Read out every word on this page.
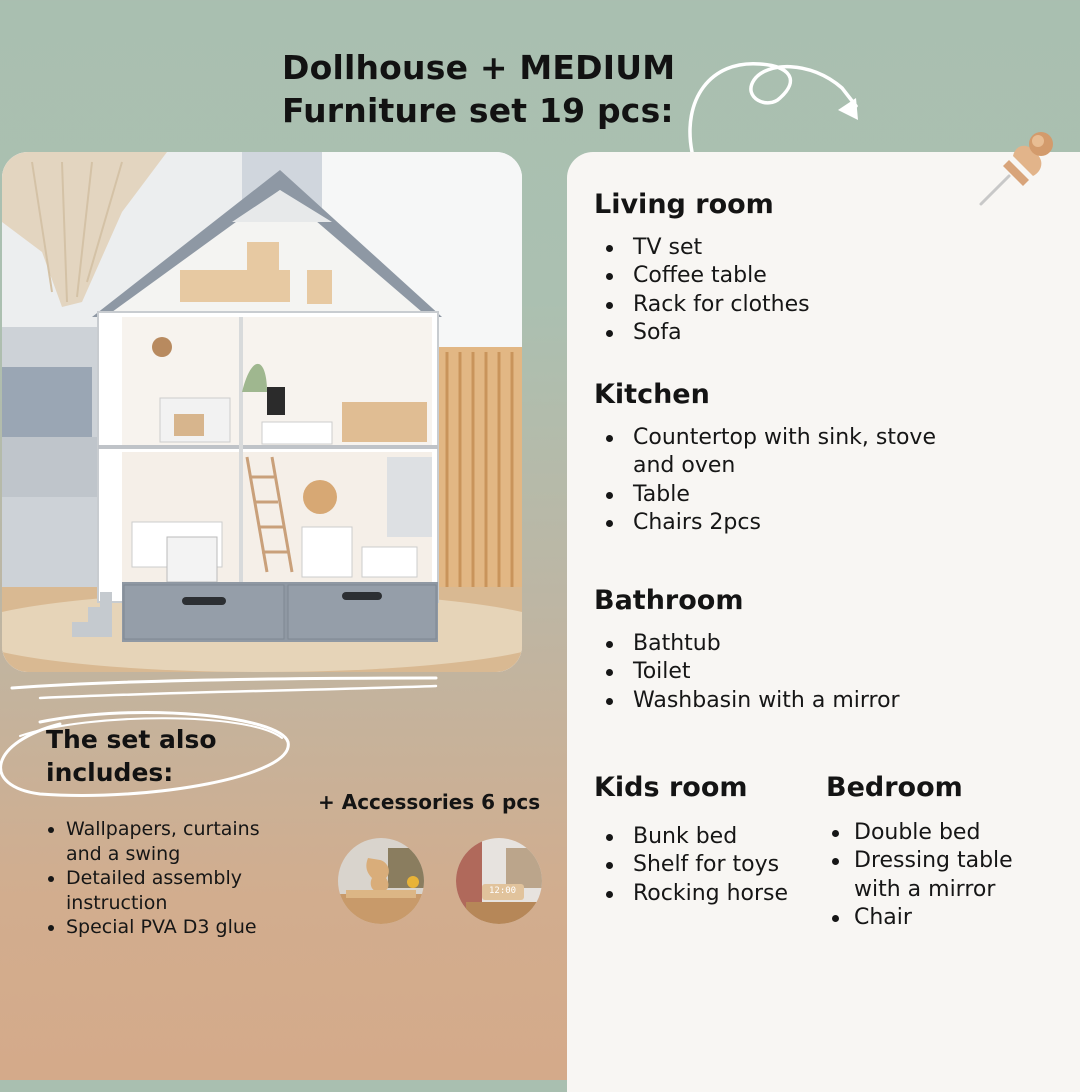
Dollhouse + MEDIUM
Furniture set 19 pcs:
The set also
includes:
Wallpapers, curtains
and a swing
Detailed assembly
instruction
Special PVA D3 glue
+ Accessories 6 pcs
12:00
Living room
TV set
Coffee table
Rack for clothes
Sofa
Kitchen
Countertop with sink, stove
and oven
Table
Chairs 2pcs
Bathroom
Bathtub
Toilet
Washbasin with a mirror
Kids room
Bunk bed
Shelf for toys
Rocking horse
Bedroom
Double bed
Dressing table
with a mirror
Chair
